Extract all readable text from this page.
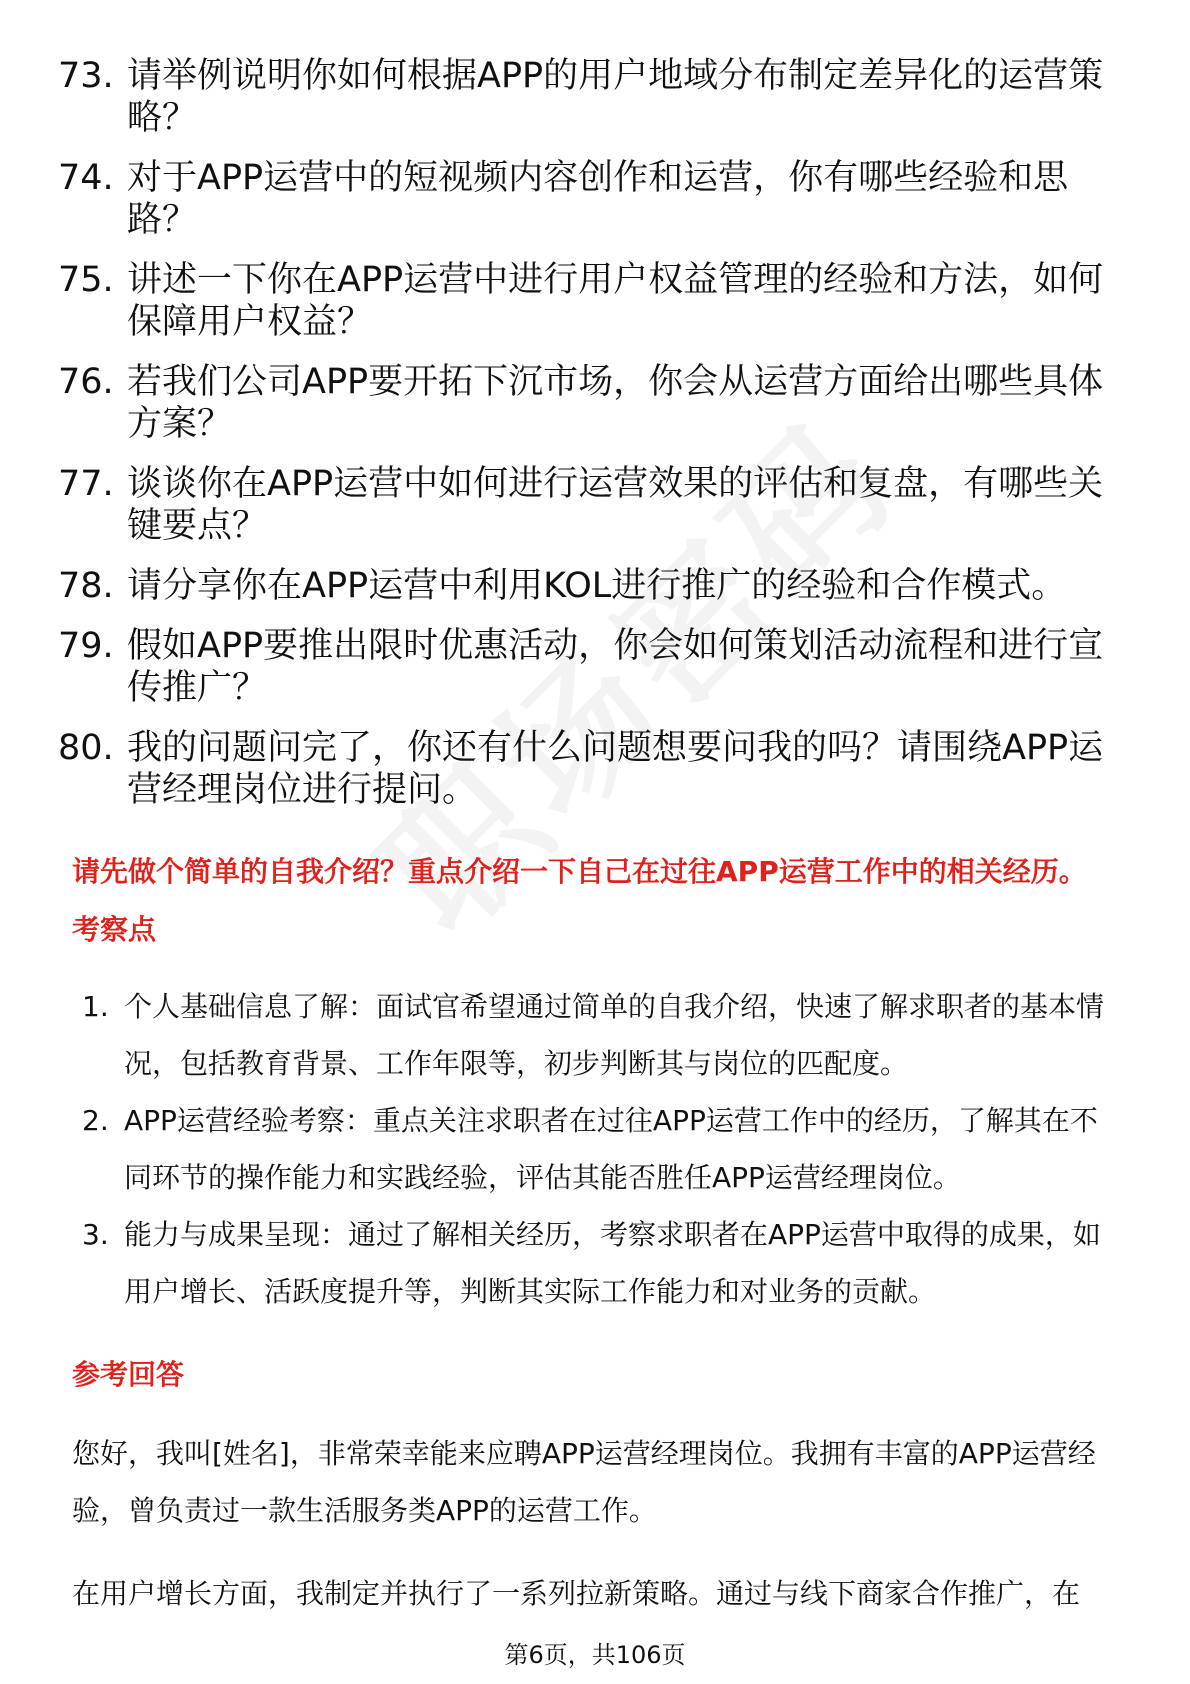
73. 请举例说明你如何根据APP的用户地域分布制定差异化的运营策略？
74. 对于APP运营中的短视频内容创作和运营，你有哪些经验和思路？
75. 讲述一下你在APP运营中进行用户权益管理的经验和方法，如何保障用户权益？
76. 若我们公司APP要开拓下沉市场，你会从运营方面给出哪些具体方案？
77. 谈谈你在APP运营中如何进行运营效果的评估和复盘，有哪些关键要点？
78. 请分享你在APP运营中利用KOL进行推广的经验和合作模式。
79. 假如APP要推出限时优惠活动，你会如何策划活动流程和进行宣传推广？
80. 我的问题问完了，你还有什么问题想要问我的吗？请围绕APP运营经理岗位进行提问。
请先做个简单的自我介绍？重点介绍一下自己在过往APP运营工作中的相关经历。
考察点
1. 个人基础信息了解：面试官希望通过简单的自我介绍，快速了解求职者的基本情况，包括教育背景、工作年限等，初步判断其与岗位的匹配度。
2. APP运营经验考察：重点关注求职者在过往APP运营工作中的经历，了解其在不同环节的操作能力和实践经验，评估其能否胜任APP运营经理岗位。
3. 能力与成果呈现：通过了解相关经历，考察求职者在APP运营中取得的成果，如用户增长、活跃度提升等，判断其实际工作能力和对业务的贡献。
参考回答
您好，我叫[姓名]，非常荣幸能来应聘APP运营经理岗位。我拥有丰富的APP运营经验，曾负责过一款生活服务类APP的运营工作。
在用户增长方面，我制定并执行了一系列拉新策略。通过与线下商家合作推广，在
第6页，共106页
